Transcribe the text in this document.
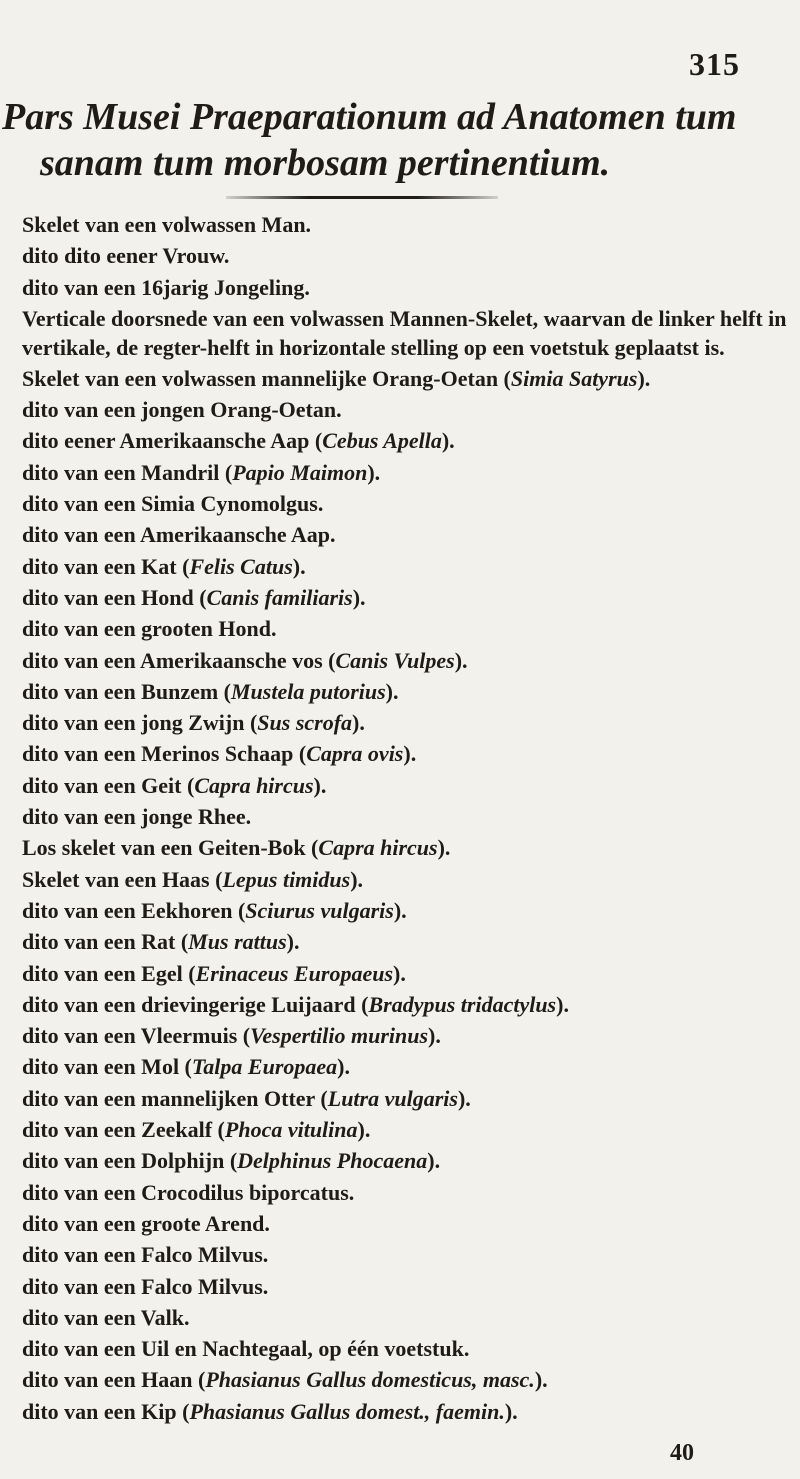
315
Pars Musei Praeparationum ad Anatomen tum
sanam tum morbosam pertinentium.
Skelet van een volwassen Man.
dito dito eener Vrouw.
dito van een 16jarig Jongeling.
Verticale doorsnede van een volwassen Mannen-Skelet, waarvan de linker helft in vertikale, de regter-helft in horizontale stelling op een voetstuk geplaatst is.
Skelet van een volwassen mannelijke Orang-Oetan (Simia Satyrus).
dito van een jongen Orang-Oetan.
dito eener Amerikaansche Aap (Cebus Apella).
dito van een Mandril (Papio Maimon).
dito van een Simia Cynomolgus.
dito van een Amerikaansche Aap.
dito van een Kat (Felis Catus).
dito van een Hond (Canis familiaris).
dito van een grooten Hond.
dito van een Amerikaansche vos (Canis Vulpes).
dito van een Bunzem (Mustela putorius).
dito van een jong Zwijn (Sus scrofa).
dito van een Merinos Schaap (Capra ovis).
dito van een Geit (Capra hircus).
dito van een jonge Rhee.
Los skelet van een Geiten-Bok (Capra hircus).
Skelet van een Haas (Lepus timidus).
dito van een Eekhoren (Sciurus vulgaris).
dito van een Rat (Mus rattus).
dito van een Egel (Erinaceus Europaeus).
dito van een drievingerige Luijaard (Bradypus tridactylus).
dito van een Vleermuis (Vespertilio murinus).
dito van een Mol (Talpa Europaea).
dito van een mannelijken Otter (Lutra vulgaris).
dito van een Zeekalf (Phoca vitulina).
dito van een Dolphijn (Delphinus Phocaena).
dito van een Crocodilus biporcatus.
dito van een groote Arend.
dito van een Falco Milvus.
dito van een Falco Milvus.
dito van een Valk.
dito van een Uil en Nachtegaal, op één voetstuk.
dito van een Haan (Phasianus Gallus domesticus, masc.).
dito van een Kip (Phasianus Gallus domest., faemin.).
40
